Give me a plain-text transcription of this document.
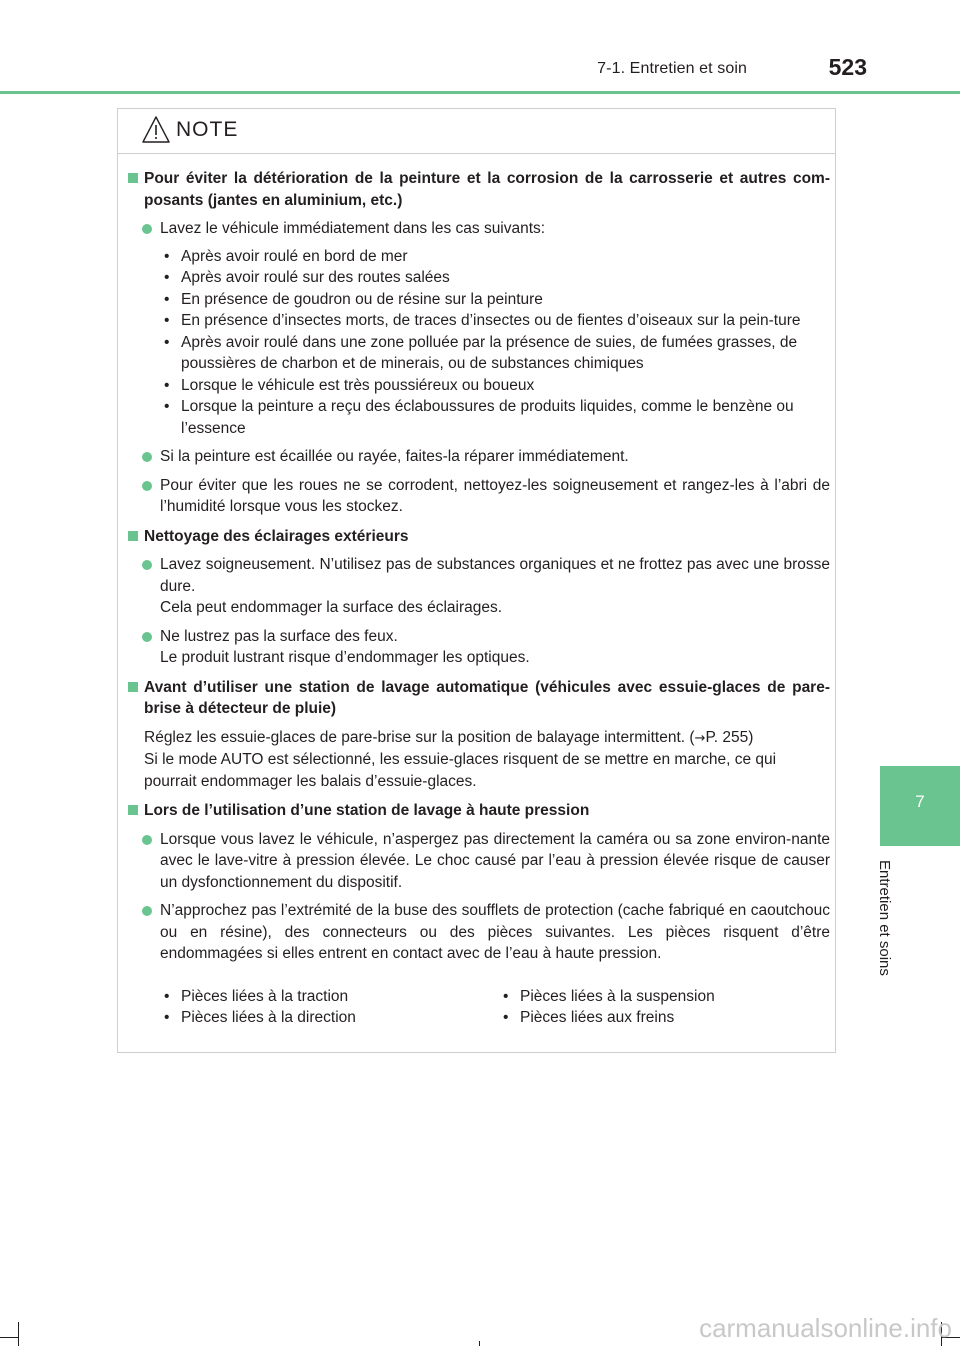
7-1. Entretien et soin	523
7
Entretien et soins
NOTE
Pour éviter la détérioration de la peinture et la corrosion de la carrosserie et autres com-posants (jantes en aluminium, etc.)
Lavez le véhicule immédiatement dans les cas suivants:
• Après avoir roulé en bord de mer
• Après avoir roulé sur des routes salées
• En présence de goudron ou de résine sur la peinture
• En présence d’insectes morts, de traces d’insectes ou de fientes d’oiseaux sur la pein-ture
• Après avoir roulé dans une zone polluée par la présence de suies, de fumées grasses, de poussières de charbon et de minerais, ou de substances chimiques
• Lorsque le véhicule est très poussiéreux ou boueux
• Lorsque la peinture a reçu des éclaboussures de produits liquides, comme le benzène ou l’essence
Si la peinture est écaillée ou rayée, faites-la réparer immédiatement.
Pour éviter que les roues ne se corrodent, nettoyez-les soigneusement et rangez-les à l’abri de l’humidité lorsque vous les stockez.
Nettoyage des éclairages extérieurs
Lavez soigneusement. N’utilisez pas de substances organiques et ne frottez pas avec une brosse dure.
Cela peut endommager la surface des éclairages.
Ne lustrez pas la surface des feux.
Le produit lustrant risque d’endommager les optiques.
Avant d’utiliser une station de lavage automatique (véhicules avec essuie-glaces de pare-brise à détecteur de pluie)
Réglez les essuie-glaces de pare-brise sur la position de balayage intermittent. (→P. 255)
Si le mode AUTO est sélectionné, les essuie-glaces risquent de se mettre en marche, ce qui pourrait endommager les balais d’essuie-glaces.
Lors de l’utilisation d’une station de lavage à haute pression
Lorsque vous lavez le véhicule, n’aspergez pas directement la caméra ou sa zone environ-nante avec le lave-vitre à pression élevée. Le choc causé par l’eau à pression élevée risque de causer un dysfonctionnement du dispositif.
N’approchez pas l’extrémité de la buse des soufflets de protection (cache fabriqué en caoutchouc ou en résine), des connecteurs ou des pièces suivantes. Les pièces risquent d’être endommagées si elles entrent en contact avec de l’eau à haute pression.
• Pièces liées à la traction
• Pièces liées à la direction
• Pièces liées à la suspension
• Pièces liées aux freins
carmanualsonline.info
